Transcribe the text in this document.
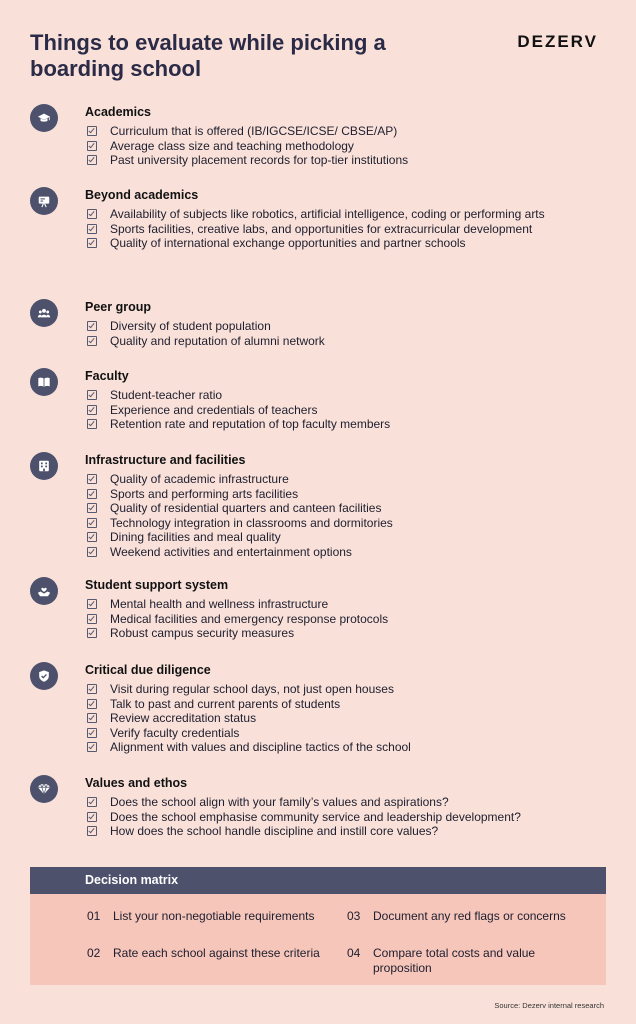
Things to evaluate while picking a boarding school
DEZERV
Academics
Curriculum that is offered (IB/IGCSE/ICSE/ CBSE/AP)
Average class size and teaching methodology
Past university placement records for top-tier institutions
Beyond academics
Availability of subjects like robotics, artificial intelligence, coding or performing arts
Sports facilities, creative labs, and opportunities for extracurricular development
Quality of international exchange opportunities and partner schools
Peer group
Diversity of student population
Quality and reputation of alumni network
Faculty
Student-teacher ratio
Experience and credentials of teachers
Retention rate and reputation of top faculty members
Infrastructure and facilities
Quality of academic infrastructure
Sports and performing arts facilities
Quality of residential quarters and canteen facilities
Technology integration in classrooms and dormitories
Dining facilities and meal quality
Weekend activities and entertainment options
Student support system
Mental health and wellness infrastructure
Medical facilities and emergency response protocols
Robust campus security measures
Critical due diligence
Visit during regular school days, not just open houses
Talk to past and current parents of students
Review accreditation status
Verify faculty credentials
Alignment with values and discipline tactics of the school
Values and ethos
Does the school align with your family’s values and aspirations?
Does the school emphasise community service and leadership development?
How does the school handle discipline and instill core values?
Decision matrix
01	List your non-negotiable requirements
02	Rate each school against these criteria
03	Document any red flags or concerns
04	Compare total costs and value proposition
Source: Dezerv internal research
